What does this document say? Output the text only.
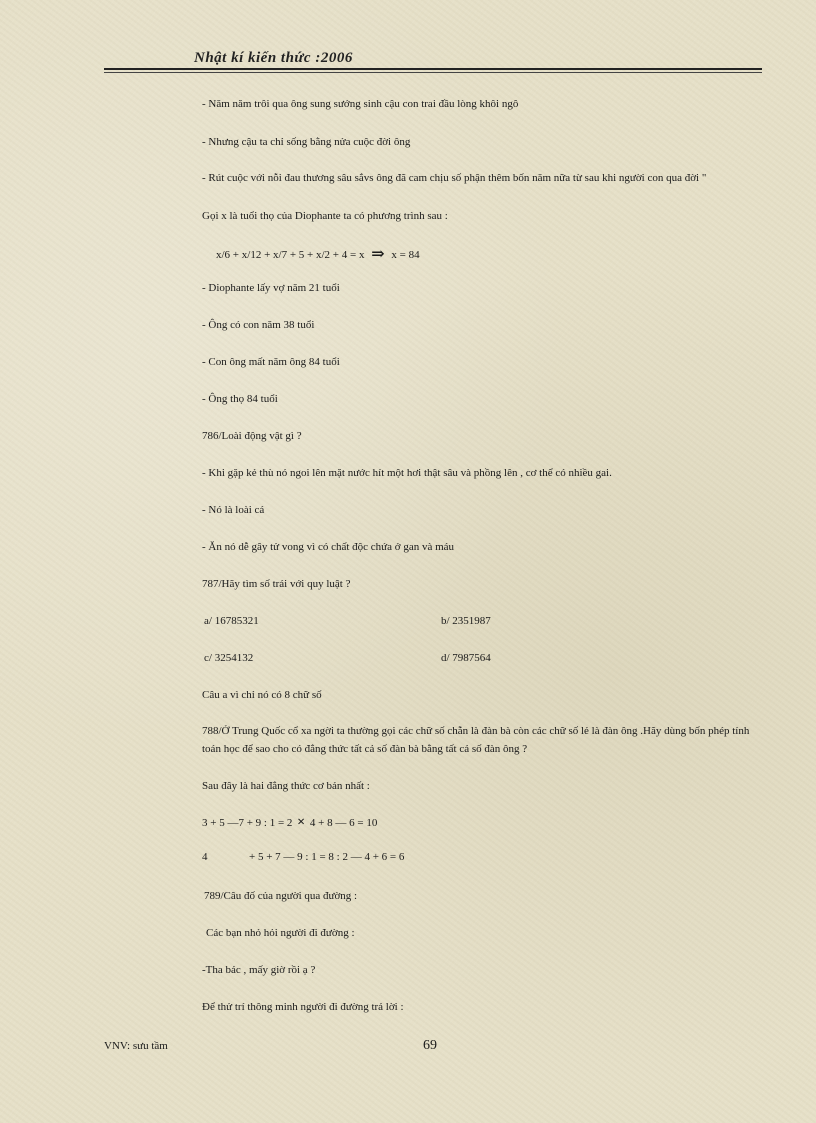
Nhật kí kiến thức :2006
- Năm năm trôi qua ông sung sướng sinh cậu con trai đầu lòng khôi ngô
- Nhưng cậu ta chỉ sống bằng nửa cuộc đời ông
- Rút cuộc với nỗi đau thương sâu sắvs ông đã cam chịu số phận thêm bốn năm nữa từ sau khi người con qua đời "
Gọi x là tuổi thọ của Diophante ta có phương trình sau :
x/6 + x/12 + x/7 + 5 + x/2 + 4 = x ⇒ x = 84
- Diophante lấy vợ năm 21 tuổi
- Ông có con năm 38 tuổi
- Con ông mất năm ông 84 tuổi
- Ông thọ 84 tuổi
786/Loài động vật gì ?
- Khi gặp kẻ thù nó ngoi lên mặt nước hít một hơi thật sâu và phồng lên , cơ thể có nhiều gai.
- Nó là loài cá
- Ăn nó dễ gây tử vong vì có chất độc chứa ở gan và máu
787/Hãy tìm số trái với quy luật ?
a/ 16785321	b/ 2351987
c/ 3254132	d/ 7987564
Câu a vì chỉ nó có 8 chữ số
788/Ở Trung Quốc cổ xa ngời ta thường gọi các chữ số chẵn là đàn bà còn các chữ số lẻ là đàn ông .Hãy dùng bốn phép tính toán học để sao cho có đẳng thức tất cả số đàn bà bằng tất cả số đàn ông ?
Sau đây là hai đẳng thức cơ bản nhất :
3 + 5 —7 + 9 : 1 = 2 × 4 + 8 — 6 = 10
4	+ 5 + 7 — 9 : 1 = 8 : 2 — 4 + 6 = 6
789/Câu đố của người qua đường :
Các bạn nhỏ hỏi người đi đường :
-Tha bác , mấy giờ rồi ạ ?
Để thử trí thông minh người đi đường trả lời :
VNV: sưu tầm	69
